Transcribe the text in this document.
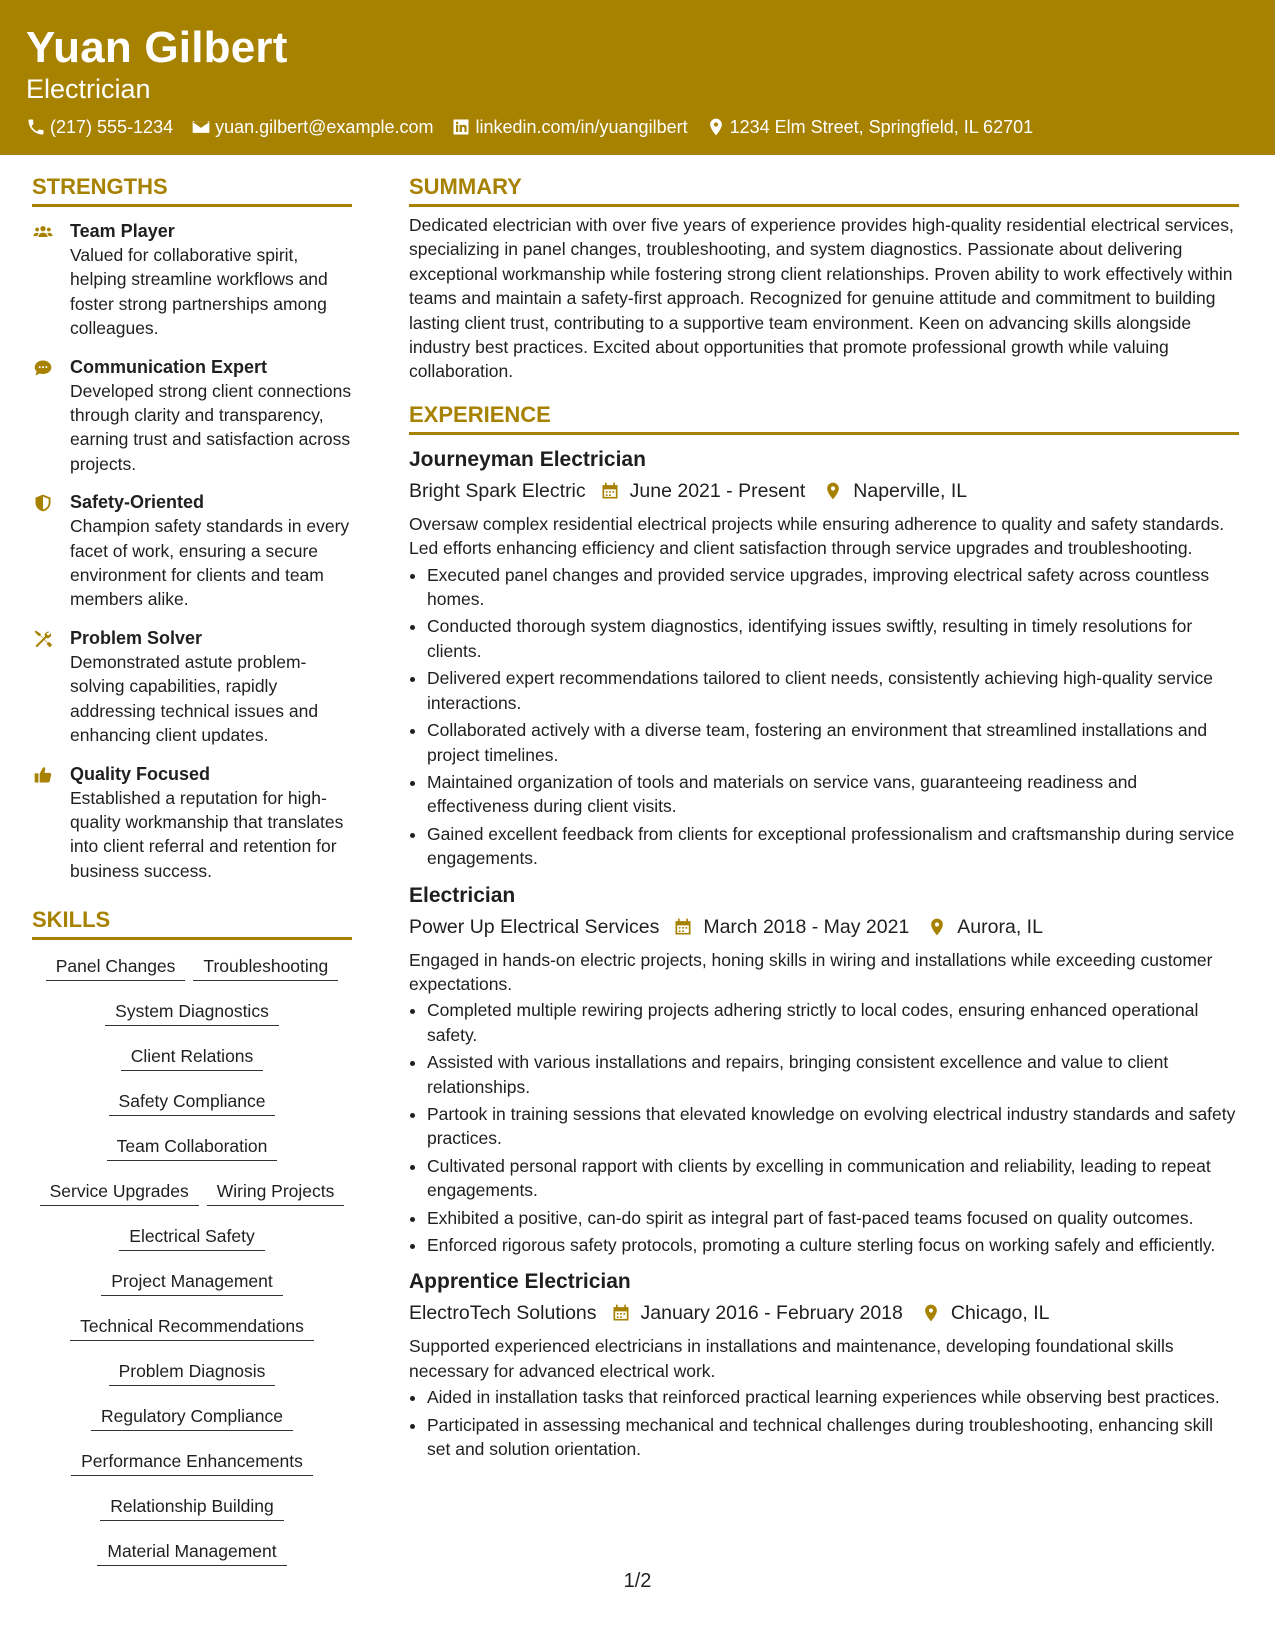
Yuan Gilbert
Electrician
(217) 555-1234 yuan.gilbert@example.com linkedin.com/in/yuangilbert 1234 Elm Street, Springfield, IL 62701
STRENGTHS
Team Player
Valued for collaborative spirit, helping streamline workflows and foster strong partnerships among colleagues.
Communication Expert
Developed strong client connections through clarity and transparency, earning trust and satisfaction across projects.
Safety-Oriented
Champion safety standards in every facet of work, ensuring a secure environment for clients and team members alike.
Problem Solver
Demonstrated astute problem-solving capabilities, rapidly addressing technical issues and enhancing client updates.
Quality Focused
Established a reputation for high-quality workmanship that translates into client referral and retention for business success.
SKILLS
Panel Changes	Troubleshooting
System Diagnostics
Client Relations
Safety Compliance
Team Collaboration
Service Upgrades	Wiring Projects
Electrical Safety
Project Management
Technical Recommendations
Problem Diagnosis
Regulatory Compliance
Performance Enhancements
Relationship Building
Material Management
SUMMARY
Dedicated electrician with over five years of experience provides high-quality residential electrical services, specializing in panel changes, troubleshooting, and system diagnostics. Passionate about delivering exceptional workmanship while fostering strong client relationships. Proven ability to work effectively within teams and maintain a safety-first approach. Recognized for genuine attitude and commitment to building lasting client trust, contributing to a supportive team environment. Keen on advancing skills alongside industry best practices. Excited about opportunities that promote professional growth while valuing collaboration.
EXPERIENCE
Journeyman Electrician
Bright Spark Electric June 2021 - Present Naperville, IL
Oversaw complex residential electrical projects while ensuring adherence to quality and safety standards. Led efforts enhancing efficiency and client satisfaction through service upgrades and troubleshooting.
• Executed panel changes and provided service upgrades, improving electrical safety across countless homes.
• Conducted thorough system diagnostics, identifying issues swiftly, resulting in timely resolutions for clients.
• Delivered expert recommendations tailored to client needs, consistently achieving high-quality service interactions.
• Collaborated actively with a diverse team, fostering an environment that streamlined installations and project timelines.
• Maintained organization of tools and materials on service vans, guaranteeing readiness and effectiveness during client visits.
• Gained excellent feedback from clients for exceptional professionalism and craftsmanship during service engagements.
Electrician
Power Up Electrical Services March 2018 - May 2021 Aurora, IL
Engaged in hands-on electric projects, honing skills in wiring and installations while exceeding customer expectations.
• Completed multiple rewiring projects adhering strictly to local codes, ensuring enhanced operational safety.
• Assisted with various installations and repairs, bringing consistent excellence and value to client relationships.
• Partook in training sessions that elevated knowledge on evolving electrical industry standards and safety practices.
• Cultivated personal rapport with clients by excelling in communication and reliability, leading to repeat engagements.
• Exhibited a positive, can-do spirit as integral part of fast-paced teams focused on quality outcomes.
• Enforced rigorous safety protocols, promoting a culture sterling focus on working safely and efficiently.
Apprentice Electrician
ElectroTech Solutions January 2016 - February 2018 Chicago, IL
Supported experienced electricians in installations and maintenance, developing foundational skills necessary for advanced electrical work.
• Aided in installation tasks that reinforced practical learning experiences while observing best practices.
• Participated in assessing mechanical and technical challenges during troubleshooting, enhancing skill set and solution orientation.
1/2
